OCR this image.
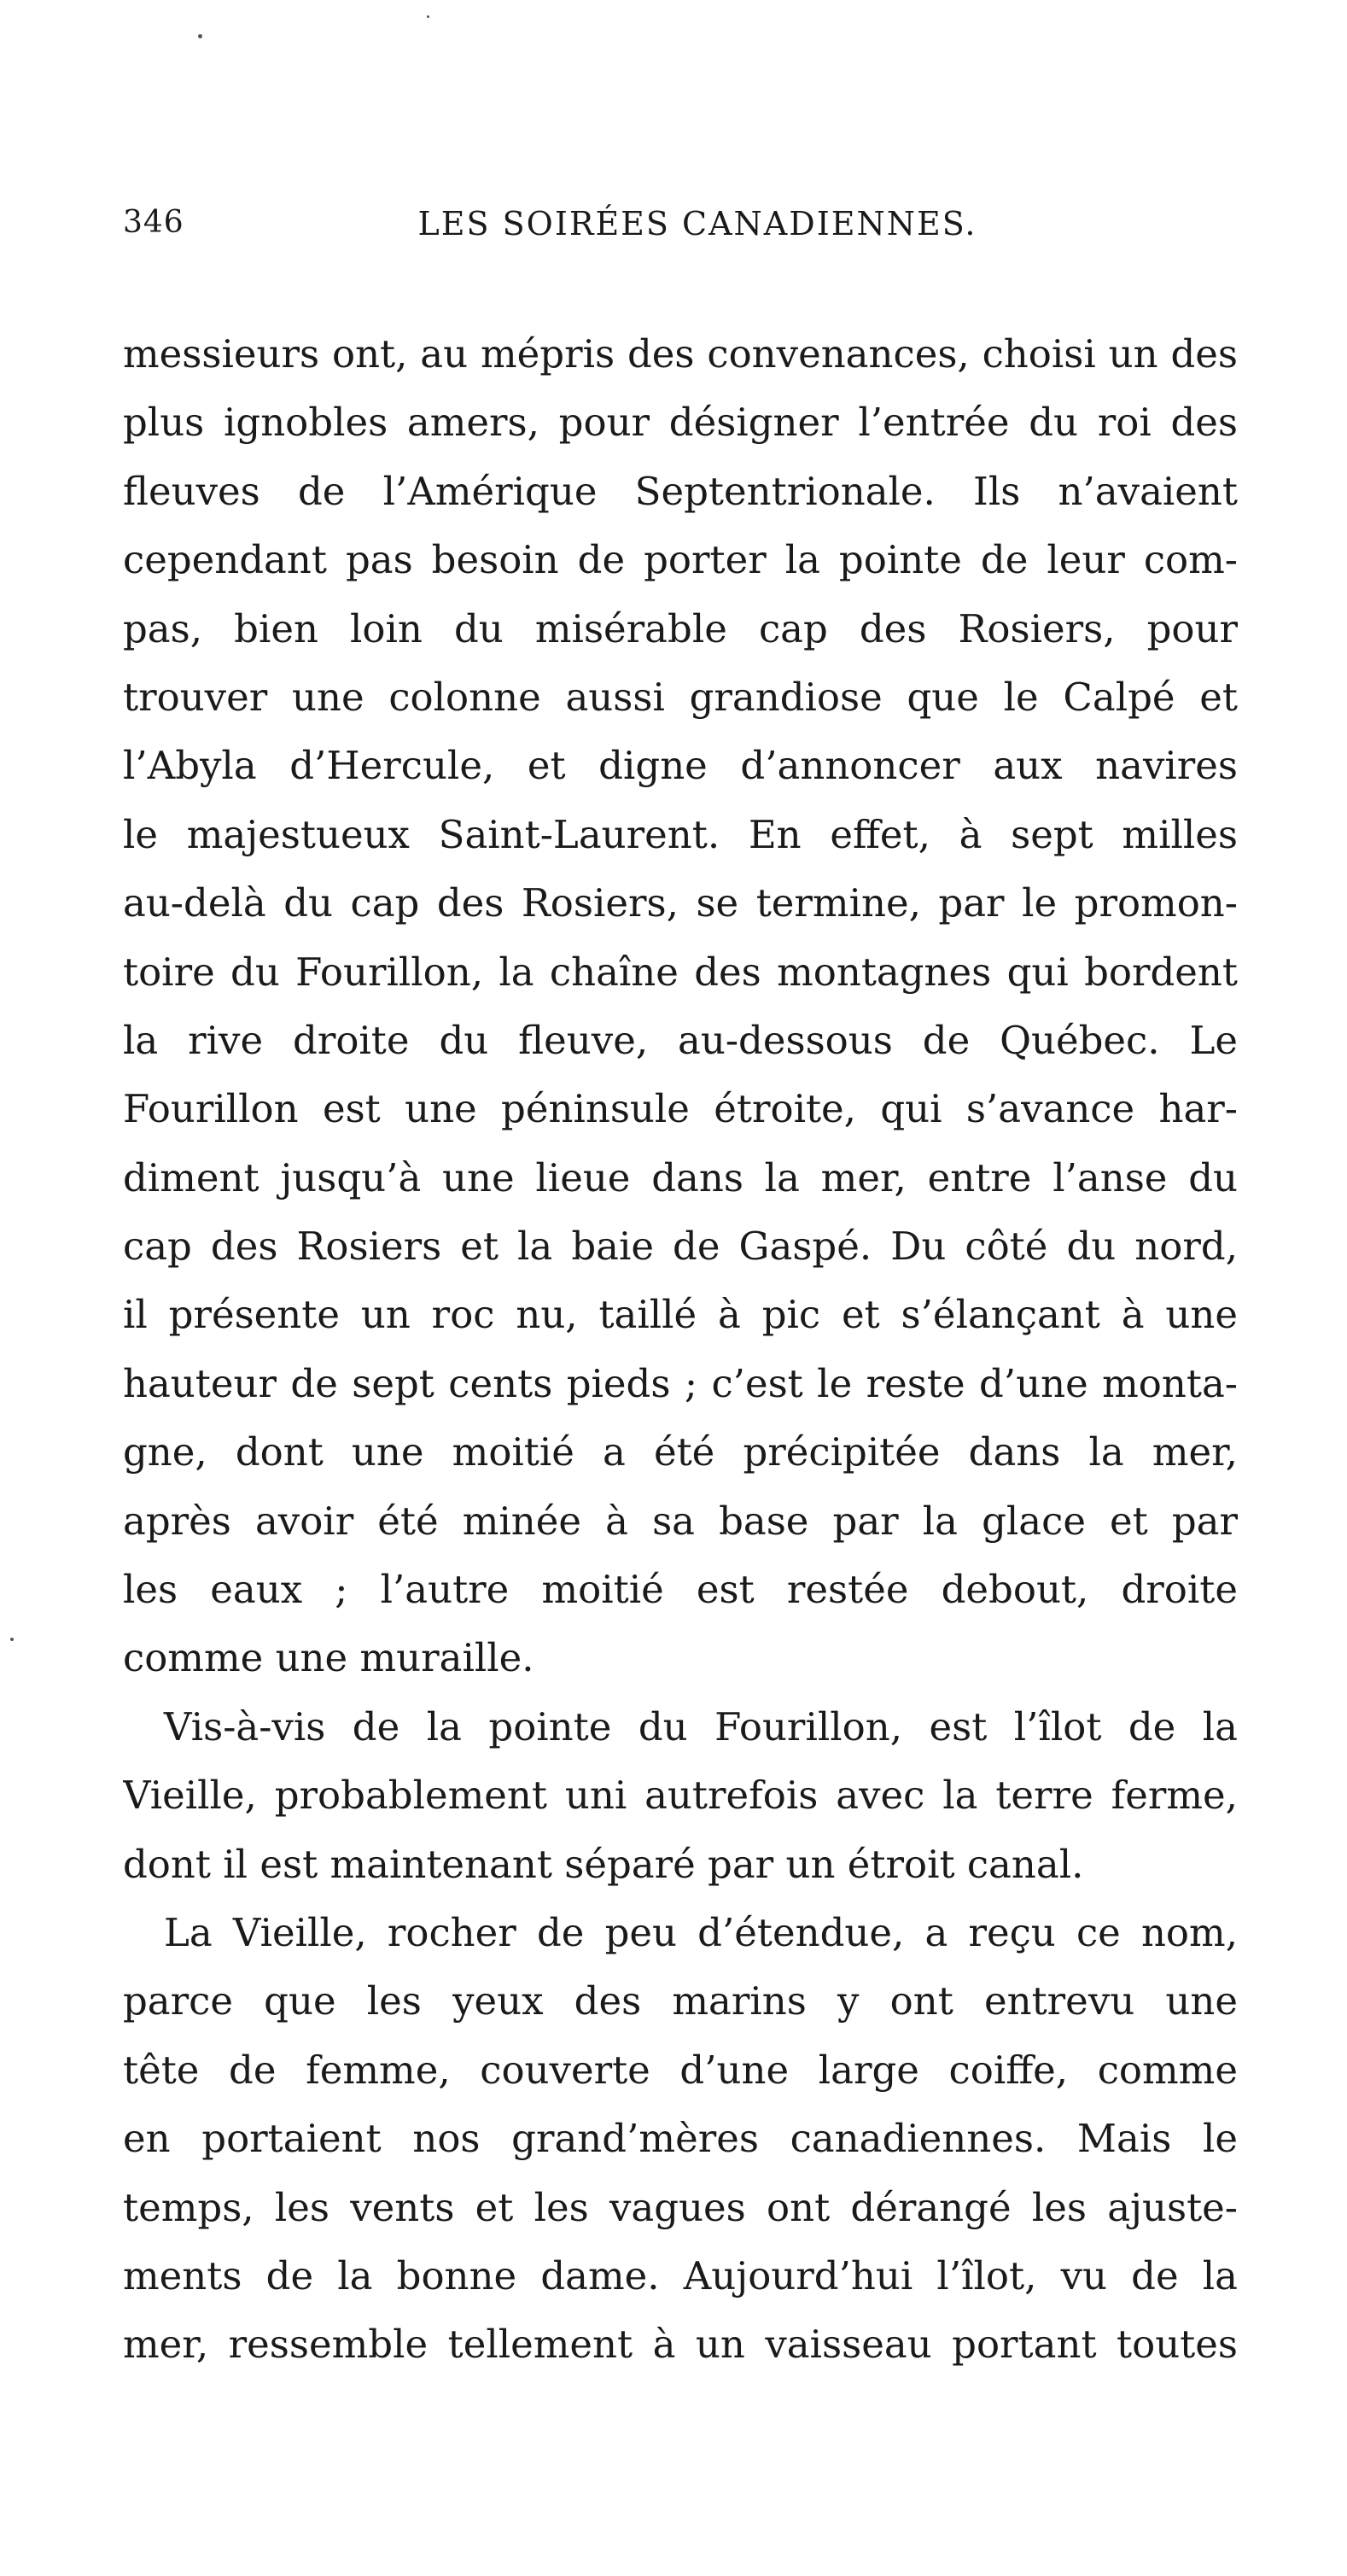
346	LES SOIRÉES CANADIENNES.
messieurs ont, au mépris des convenances, choisi un des
plus ignobles amers, pour désigner l’entrée du roi des
fleuves de l’Amérique Septentrionale. Ils n’avaient
cependant pas besoin de porter la pointe de leur com-
pas, bien loin du misérable cap des Rosiers, pour
trouver une colonne aussi grandiose que le Calpé et
l’Abyla d’Hercule, et digne d’annoncer aux navires
le majestueux Saint-Laurent. En effet, à sept milles
au-delà du cap des Rosiers, se termine, par le promon-
toire du Fourillon, la chaîne des montagnes qui bordent
la rive droite du fleuve, au-dessous de Québec. Le
Fourillon est une péninsule étroite, qui s’avance har-
diment jusqu’à une lieue dans la mer, entre l’anse du
cap des Rosiers et la baie de Gaspé. Du côté du nord,
il présente un roc nu, taillé à pic et s’élançant à une
hauteur de sept cents pieds ; c’est le reste d’une monta-
gne, dont une moitié a été précipitée dans la mer,
après avoir été minée à sa base par la glace et par
les eaux ; l’autre moitié est restée debout, droite
comme une muraille.
Vis-à-vis de la pointe du Fourillon, est l’îlot de la
Vieille, probablement uni autrefois avec la terre ferme,
dont il est maintenant séparé par un étroit canal.
La Vieille, rocher de peu d’étendue, a reçu ce nom,
parce que les yeux des marins y ont entrevu une
tête de femme, couverte d’une large coiffe, comme
en portaient nos grand’mères canadiennes. Mais le
temps, les vents et les vagues ont dérangé les ajuste-
ments de la bonne dame. Aujourd’hui l’îlot, vu de la
mer, ressemble tellement à un vaisseau portant toutes
